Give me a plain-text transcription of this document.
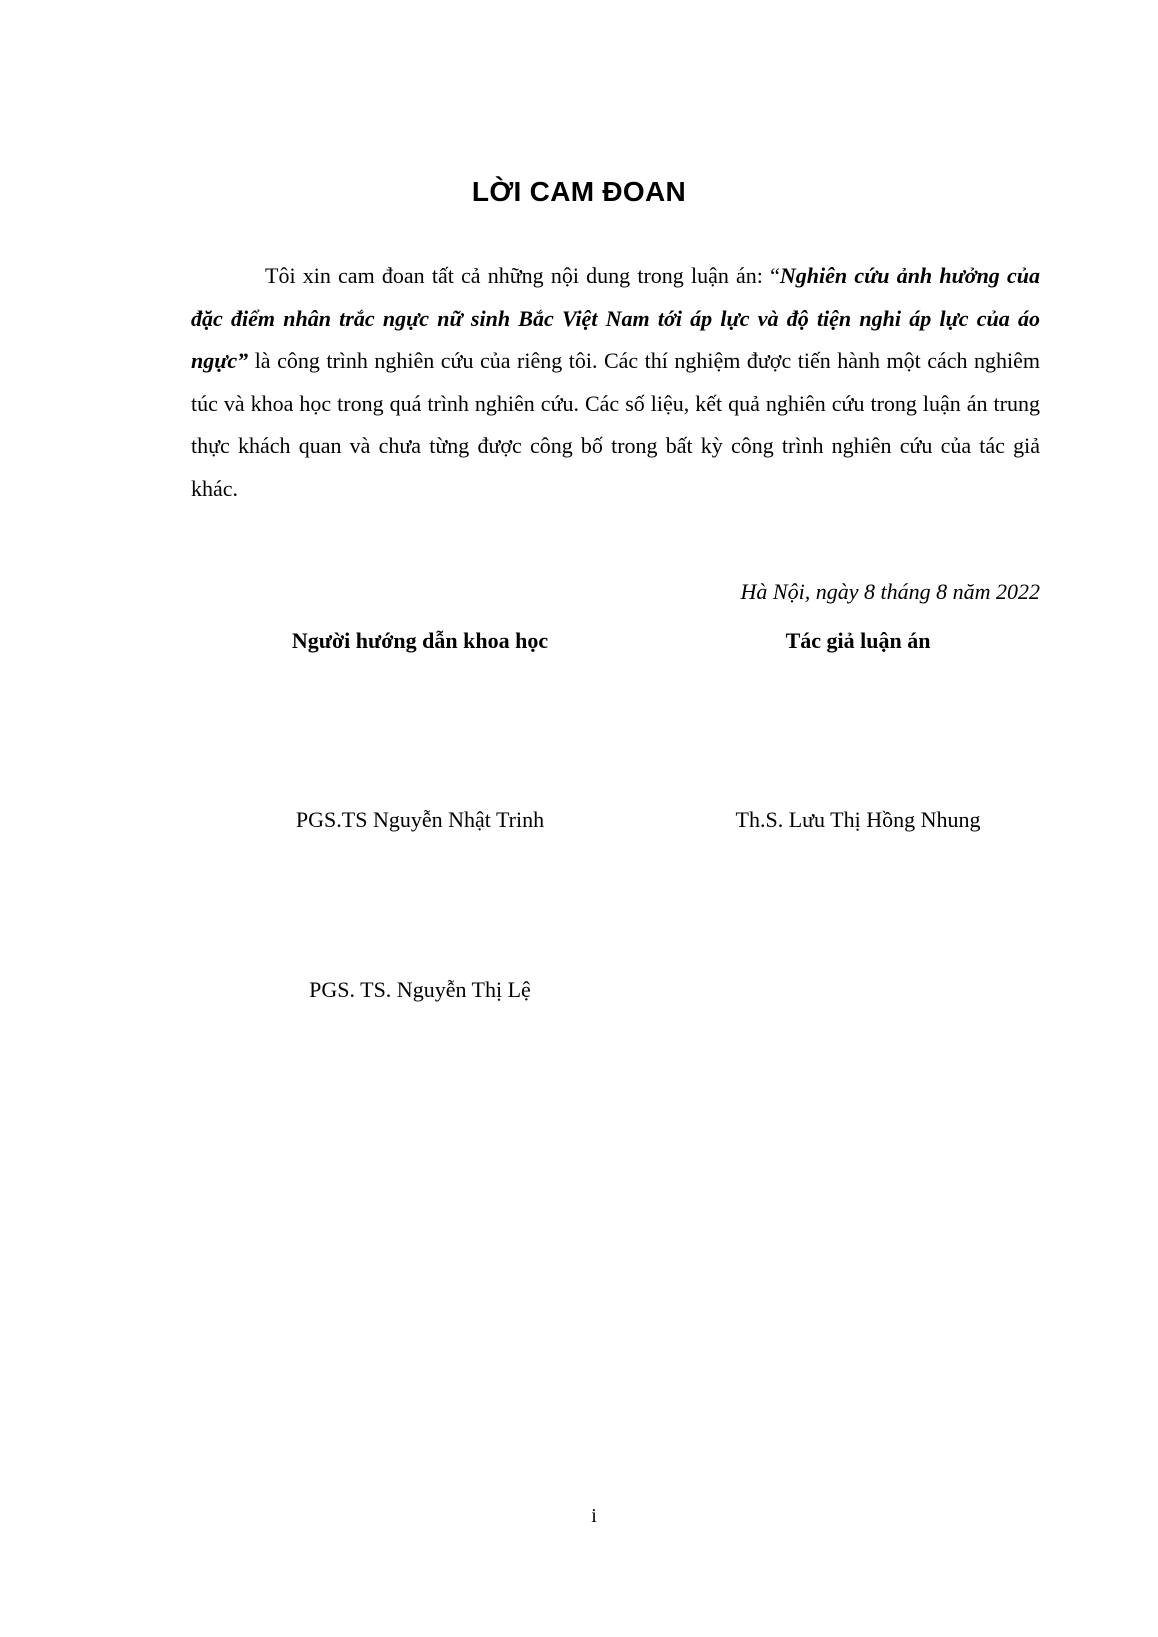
LỜI CAM ĐOAN

Tôi xin cam đoan tất cả những nội dung trong luận án: “Nghiên cứu ảnh hưởng của đặc điểm nhân trắc ngực nữ sinh Bắc Việt Nam tới áp lực và độ tiện nghi áp lực của áo ngực” là công trình nghiên cứu của riêng tôi. Các thí nghiệm được tiến hành một cách nghiêm túc và khoa học trong quá trình nghiên cứu. Các số liệu, kết quả nghiên cứu trong luận án trung thực khách quan và chưa từng được công bố trong bất kỳ công trình nghiên cứu của tác giả khác.

Hà Nội, ngày 8 tháng 8 năm 2022
Người hướng dẫn khoa học	Tác giả luận án
PGS.TS Nguyễn Nhật Trinh	Th.S. Lưu Thị Hồng Nhung
PGS. TS. Nguyễn Thị Lệ
i
